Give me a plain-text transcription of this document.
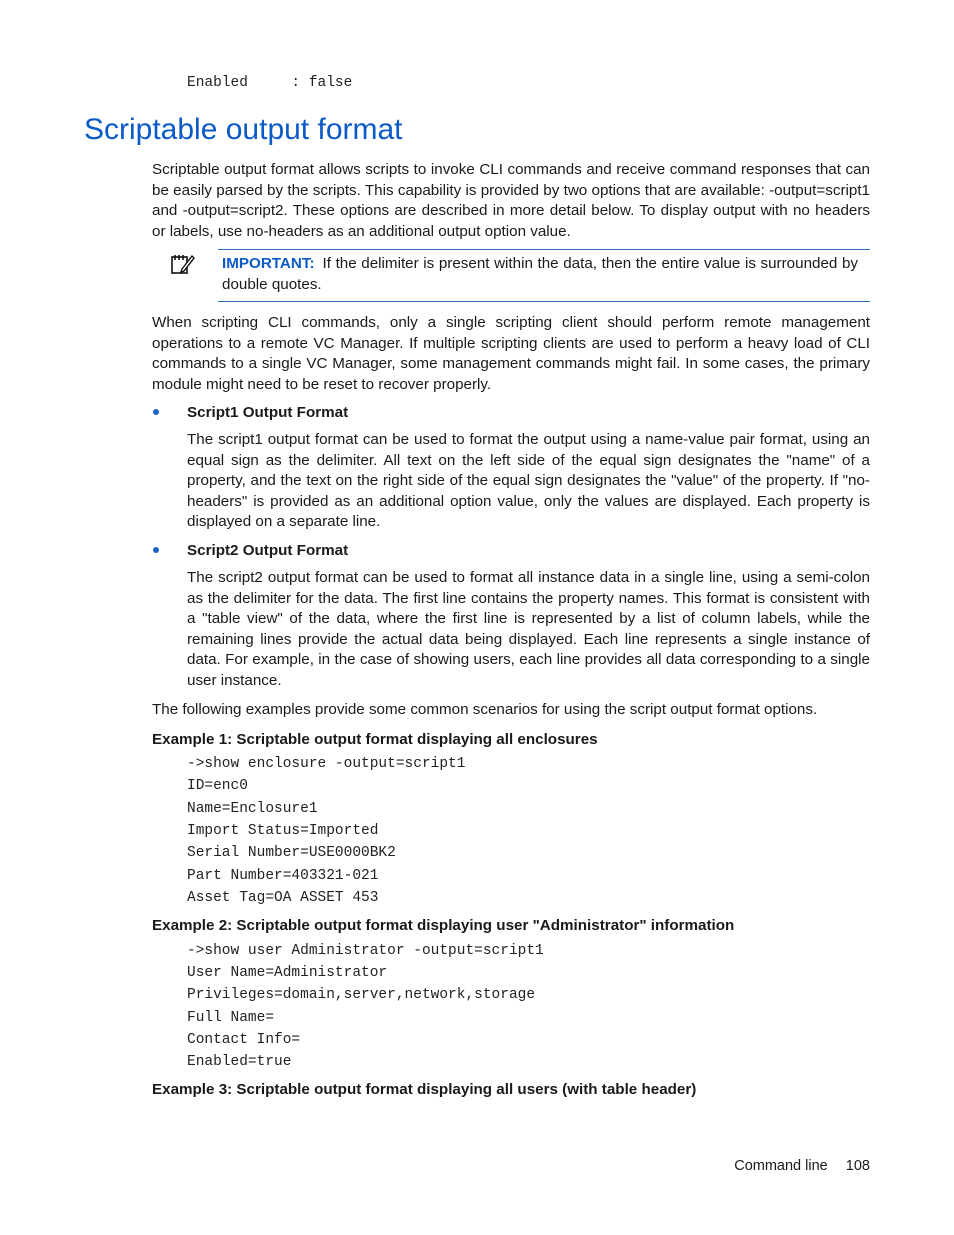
Enabled     : false
Scriptable output format

Scriptable output format allows scripts to invoke CLI commands and receive command responses that can be easily parsed by the scripts. This capability is provided by two options that are available: -output=script1 and -output=script2. These options are described in more detail below. To display output with no headers or labels, use no-headers as an additional output option value.

IMPORTANT: If the delimiter is present within the data, then the entire value is surrounded by double quotes.

When scripting CLI commands, only a single scripting client should perform remote management operations to a remote VC Manager. If multiple scripting clients are used to perform a heavy load of CLI commands to a single VC Manager, some management commands might fail. In some cases, the primary module might need to be reset to recover properly.

Script1 Output Format

The script1 output format can be used to format the output using a name-value pair format, using an equal sign as the delimiter. All text on the left side of the equal sign designates the "name" of a property, and the text on the right side of the equal sign designates the "value" of the property. If "no-headers" is provided as an additional option value, only the values are displayed. Each property is displayed on a separate line.

Script2 Output Format

The script2 output format can be used to format all instance data in a single line, using a semi-colon as the delimiter for the data. The first line contains the property names. This format is consistent with a "table view" of the data, where the first line is represented by a list of column labels, while the remaining lines provide the actual data being displayed. Each line represents a single instance of data. For example, in the case of showing users, each line provides all data corresponding to a single user instance.

The following examples provide some common scenarios for using the script output format options.

Example 1: Scriptable output format displaying all enclosures
->show enclosure -output=script1
ID=enc0
Name=Enclosure1
Import Status=Imported
Serial Number=USE0000BK2
Part Number=403321-021
Asset Tag=OA ASSET 453
Example 2: Scriptable output format displaying user "Administrator" information
->show user Administrator -output=script1
User Name=Administrator
Privileges=domain,server,network,storage
Full Name=
Contact Info=
Enabled=true
Example 3: Scriptable output format displaying all users (with table header)
Command line 108
